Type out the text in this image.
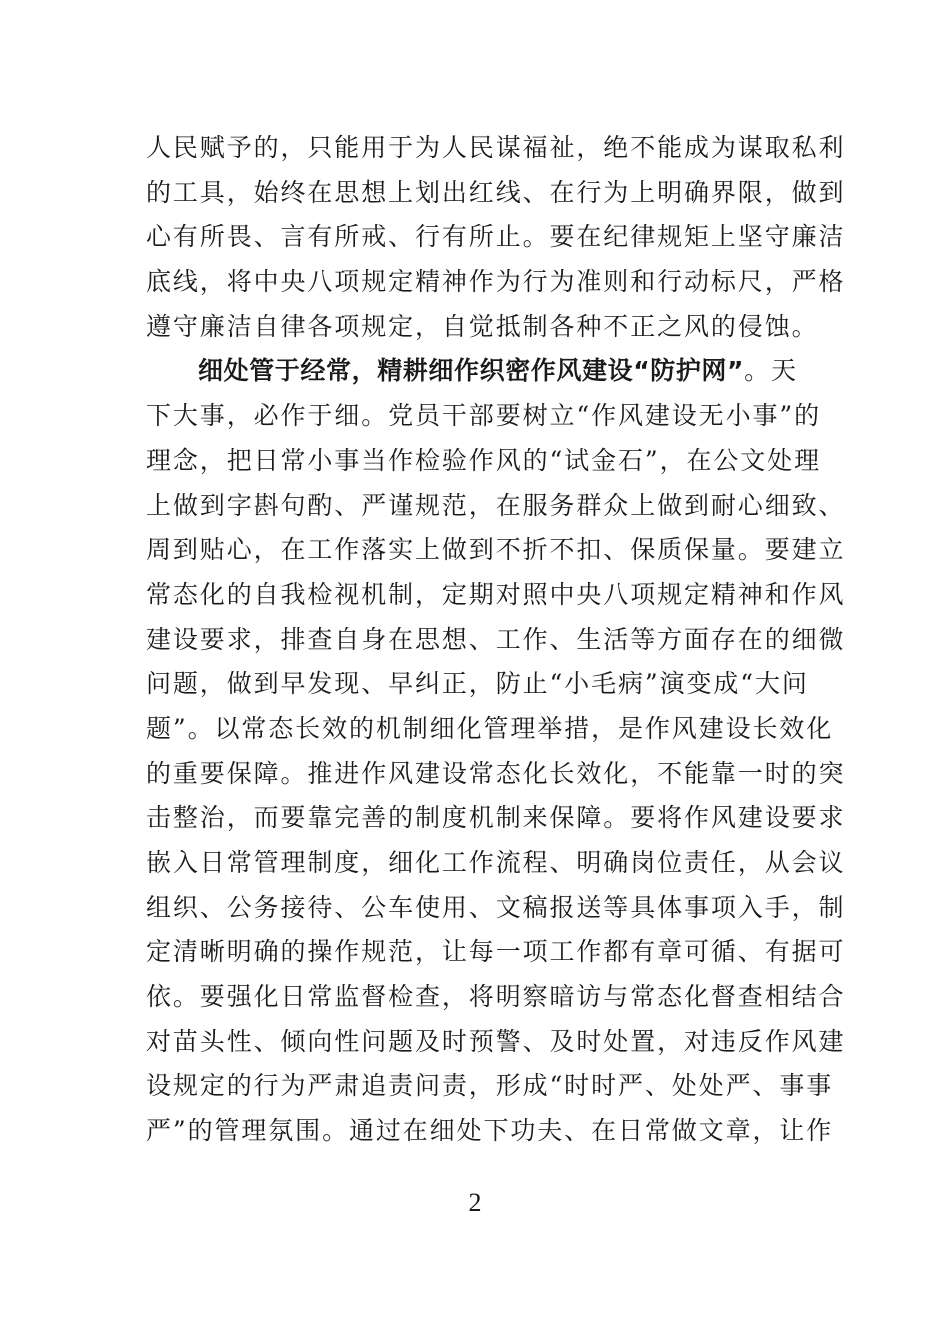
人民赋予的，只能用于为人民谋福祉，绝不能成为谋取私利
的工具，始终在思想上划出红线、在行为上明确界限，做到
心有所畏、言有所戒、行有所止。要在纪律规矩上坚守廉洁
底线，将中央八项规定精神作为行为准则和行动标尺，严格
遵守廉洁自律各项规定，自觉抵制各种不正之风的侵蚀。
细处管于经常，精耕细作织密作风建设“防护网”。天
下大事，必作于细。党员干部要树立“作风建设无小事”的
理念，把日常小事当作检验作风的“试金石”，在公文处理
上做到字斟句酌、严谨规范，在服务群众上做到耐心细致、
周到贴心，在工作落实上做到不折不扣、保质保量。要建立
常态化的自我检视机制，定期对照中央八项规定精神和作风
建设要求，排查自身在思想、工作、生活等方面存在的细微
问题，做到早发现、早纠正，防止“小毛病”演变成“大问
题”。以常态长效的机制细化管理举措，是作风建设长效化
的重要保障。推进作风建设常态化长效化，不能靠一时的突
击整治，而要靠完善的制度机制来保障。要将作风建设要求
嵌入日常管理制度，细化工作流程、明确岗位责任，从会议
组织、公务接待、公车使用、文稿报送等具体事项入手，制
定清晰明确的操作规范，让每一项工作都有章可循、有据可
依。要强化日常监督检查，将明察暗访与常态化督查相结合
对苗头性、倾向性问题及时预警、及时处置，对违反作风建
设规定的行为严肃追责问责，形成“时时严、处处严、事事
严”的管理氛围。通过在细处下功夫、在日常做文章，让作
2
